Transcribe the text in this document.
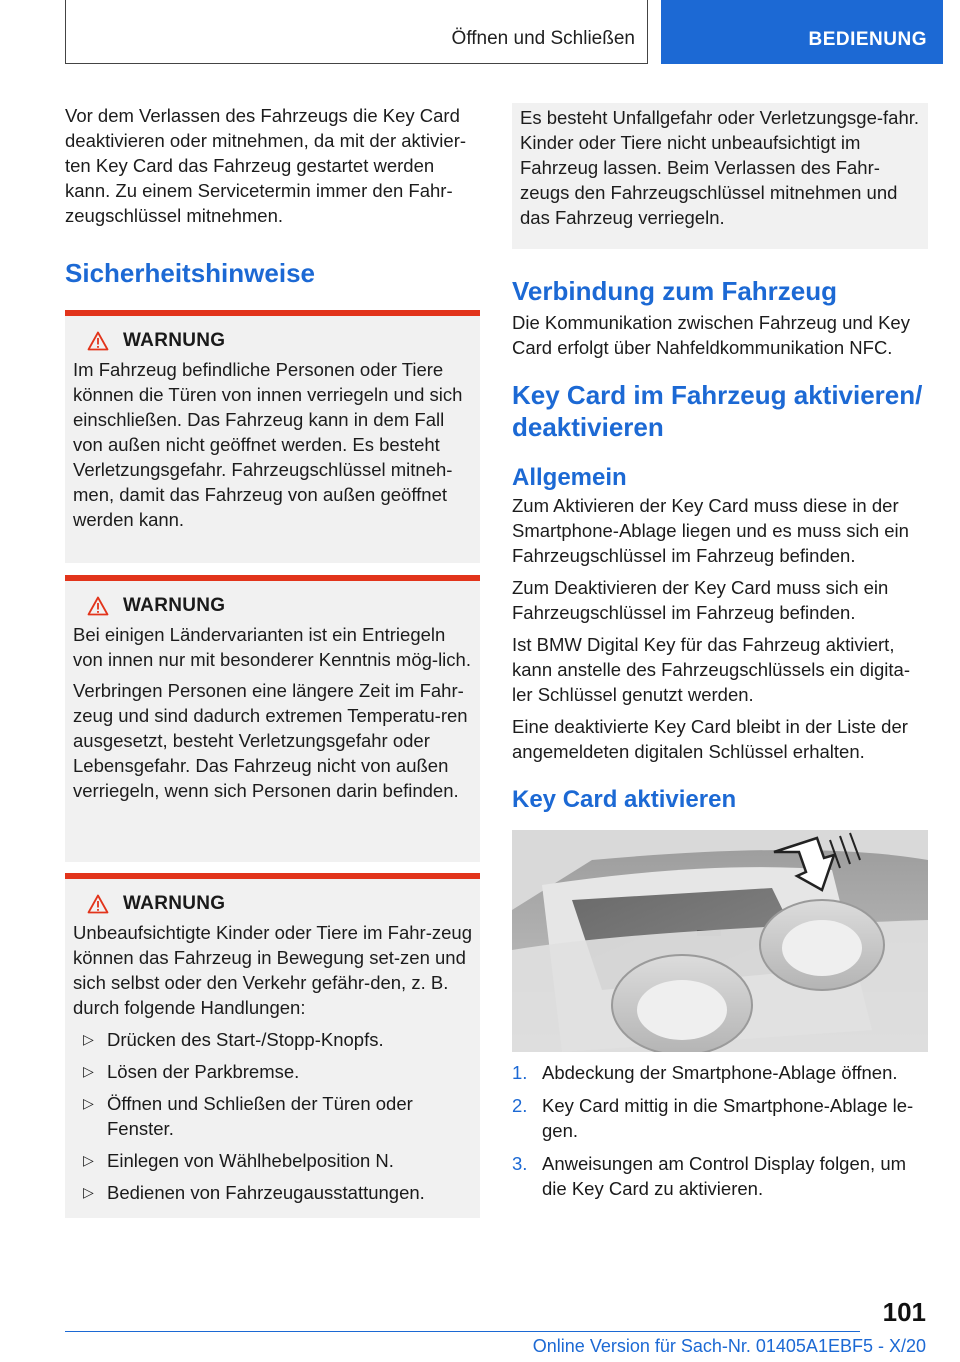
Öffnen und Schließen	BEDIENUNG

Vor dem Verlassen des Fahrzeugs die Key Card deaktivieren oder mitnehmen, da mit der aktivier-ten Key Card das Fahrzeug gestartet werden kann. Zu einem Servicetermin immer den Fahr-zeugschlüssel mitnehmen.

Sicherheitshinweise
WARNUNG

Im Fahrzeug befindliche Personen oder Tiere können die Türen von innen verriegeln und sich einschließen. Das Fahrzeug kann in dem Fall von außen nicht geöffnet werden. Es besteht Verletzungsgefahr. Fahrzeugschlüssel mitneh-men, damit das Fahrzeug von außen geöffnet werden kann.

WARNUNG

Bei einigen Ländervarianten ist ein Entriegeln von innen nur mit besonderer Kenntnis mög-lich.

Verbringen Personen eine längere Zeit im Fahr-zeug und sind dadurch extremen Temperatu-ren ausgesetzt, besteht Verletzungsgefahr oder Lebensgefahr. Das Fahrzeug nicht von außen verriegeln, wenn sich Personen darin befinden.

WARNUNG

Unbeaufsichtigte Kinder oder Tiere im Fahr-zeug können das Fahrzeug in Bewegung set-zen und sich selbst oder den Verkehr gefähr-den, z. B. durch folgende Handlungen:

▷ Drücken des Start-/Stopp-Knopfs.
▷ Lösen der Parkbremse.
▷ Öffnen und Schließen der Türen oder Fenster.
▷ Einlegen von Wählhebelposition N.
▷ Bedienen von Fahrzeugausstattungen.

Es besteht Unfallgefahr oder Verletzungsge-fahr. Kinder oder Tiere nicht unbeaufsichtigt im Fahrzeug lassen. Beim Verlassen des Fahr-zeugs den Fahrzeugschlüssel mitnehmen und das Fahrzeug verriegeln.

Verbindung zum Fahrzeug

Die Kommunikation zwischen Fahrzeug und Key Card erfolgt über Nahfeldkommunikation NFC.

Key Card im Fahrzeug aktivieren/ deaktivieren
Allgemein

Zum Aktivieren der Key Card muss diese in der Smartphone-Ablage liegen und es muss sich ein Fahrzeugschlüssel im Fahrzeug befinden.

Zum Deaktivieren der Key Card muss sich ein Fahrzeugschlüssel im Fahrzeug befinden.

Ist BMW Digital Key für das Fahrzeug aktiviert, kann anstelle des Fahrzeugschlüssels ein digita-ler Schlüssel genutzt werden.

Eine deaktivierte Key Card bleibt in der Liste der angemeldeten digitalen Schlüssel erhalten.

Key Card aktivieren
1. Abdeckung der Smartphone-Ablage öffnen.
2. Key Card mittig in die Smartphone-Ablage le-gen.
3. Anweisungen am Control Display folgen, um die Key Card zu aktivieren.
101
Online Version für Sach-Nr. 01405A1EBF5 - X/20
